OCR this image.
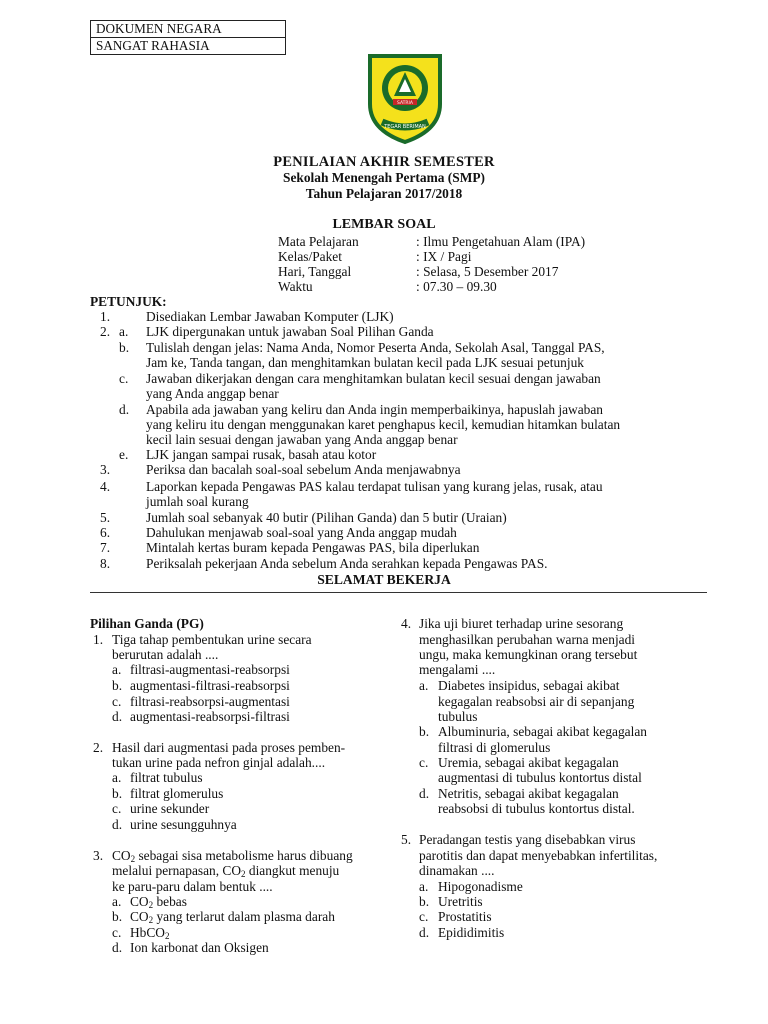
DOKUMEN NEGARA
SANGAT RAHASIA
SATRIA
TEGAR BERIMAN
PENILAIAN AKHIR SEMESTER
Sekolah Menengah Pertama (SMP)
Tahun Pelajaran 2017/2018
LEMBAR SOAL
Mata Pelajaran	: Ilmu Pengetahuan Alam (IPA)
Kelas/Paket	: IX / Pagi
Hari, Tanggal	: Selasa, 5 Desember 2017
Waktu	: 07.30 – 09.30
PETUNJUK:
1.	Disediakan Lembar Jawaban Komputer (LJK)
2. a. LJK dipergunakan untuk jawaban Soal Pilihan Ganda
b. Tulislah dengan jelas: Nama Anda, Nomor Peserta Anda, Sekolah Asal, Tanggal PAS,
Jam ke, Tanda tangan, dan menghitamkan bulatan kecil pada LJK sesuai petunjuk
c. Jawaban dikerjakan dengan cara menghitamkan bulatan kecil sesuai dengan jawaban
yang Anda anggap benar
d. Apabila ada jawaban yang keliru dan Anda ingin memperbaikinya, hapuslah jawaban
yang keliru itu dengan menggunakan karet penghapus kecil, kemudian hitamkan bulatan
kecil lain sesuai dengan jawaban yang Anda anggap benar
e. LJK jangan sampai rusak, basah atau kotor
3.	Periksa dan bacalah soal-soal sebelum Anda menjawabnya
4.	Laporkan kepada Pengawas PAS kalau terdapat tulisan yang kurang jelas, rusak, atau
jumlah soal kurang
5.	Jumlah soal sebanyak 40 butir (Pilihan Ganda) dan 5 butir (Uraian)
6.	Dahulukan menjawab soal-soal yang Anda anggap mudah
7.	Mintalah kertas buram kepada Pengawas PAS, bila diperlukan
8.	Periksalah pekerjaan Anda sebelum Anda serahkan kepada Pengawas PAS.
SELAMAT BEKERJA
Pilihan Ganda (PG)
1. Tiga tahap pembentukan urine secara
berurutan adalah ....
a. filtrasi-augmentasi-reabsorpsi
b. augmentasi-filtrasi-reabsorpsi
c. filtrasi-reabsorpsi-augmentasi
d. augmentasi-reabsorpsi-filtrasi
2. Hasil dari augmentasi pada proses pemben-
tukan urine pada nefron ginjal adalah....
a. filtrat tubulus
b. filtrat glomerulus
c. urine sekunder
d. urine sesungguhnya
3. $CO_2$ sebagai sisa metabolisme harus dibuang
melalui pernapasan, $CO_2$ diangkut menuju
ke paru-paru dalam bentuk ....
a. $CO_2$ bebas
b. $CO_2$ yang terlarut dalam plasma darah
c. HbCO$_2$
d. Ion karbonat dan Oksigen
4. Jika uji biuret terhadap urine sesorang
menghasilkan perubahan warna menjadi
ungu, maka kemungkinan orang tersebut
mengalami ....
a. Diabetes insipidus, sebagai akibat
kegagalan reabsobsi air di sepanjang
tubulus
b. Albuminuria, sebagai akibat kegagalan
filtrasi di glomerulus
c. Uremia, sebagai akibat kegagalan
augmentasi di tubulus kontortus distal
d. Netritis, sebagai akibat kegagalan
reabsobsi di tubulus kontortus distal.
5. Peradangan testis yang disebabkan virus
parotitis dan dapat menyebabkan infertilitas,
dinamakan ....
a. Hipogonadisme
b. Uretritis
c. Prostatitis
d. Epididimitis
